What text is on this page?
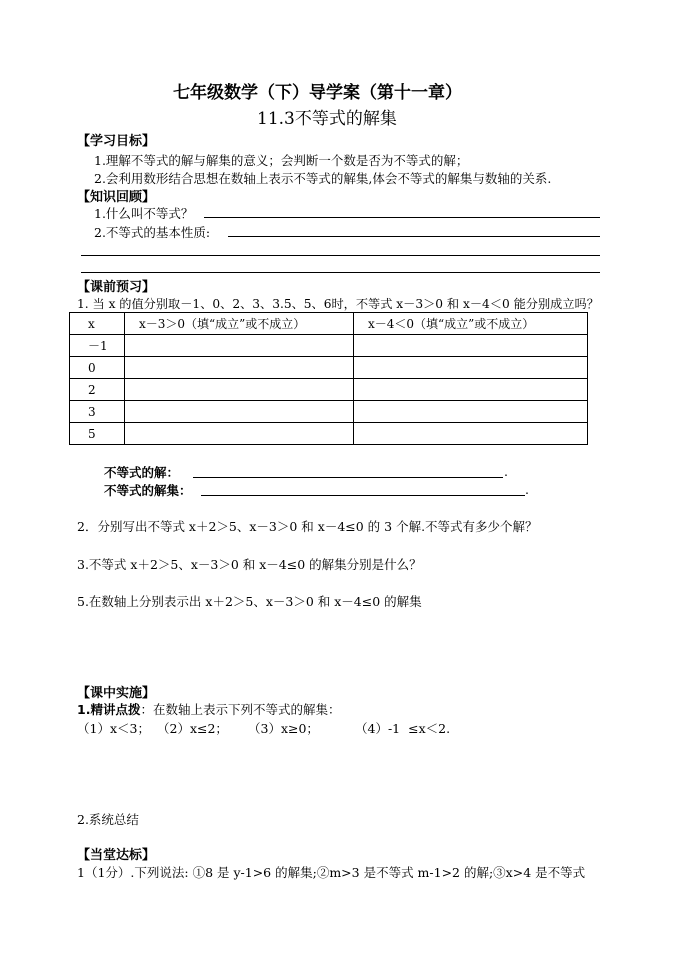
七年级数学（下）导学案（第十一章）
11.3不等式的解集
【学习目标】
1.理解不等式的解与解集的意义；会判断一个数是否为不等式的解；
2.会利用数形结合思想在数轴上表示不等式的解集,体会不等式的解集与数轴的关系.
【知识回顾】
1.什么叫不等式？
2.不等式的基本性质:
【课前预习】
1. 当 x 的值分别取－1、0、2、3、3.5、5、6时，不等式 x－3＞0 和 x－4＜0 能分别成立吗？
x	x－3＞0（填“成立”或不成立）	x－4＜0（填“成立”或不成立）
－1		
0		
2		
3		
5		
不等式的解：	.
不等式的解集：	.
2．分别写出不等式 x＋2＞5、x－3＞0 和 x－4≤0 的 3 个解.不等式有多少个解？
3.不等式 x＋2＞5、x－3＞0 和 x－4≤0 的解集分别是什么？
5.在数轴上分别表示出 x＋2＞5、x－3＞0 和 x－4≤0 的解集
【课中实施】
1.精讲点拨：在数轴上表示下列不等式的解集：
（1）x＜3； （2）x≤2； （3）x≥0；	（4）-1 ≤x＜2.
2.系统总结
【当堂达标】
1（1分）.下列说法: ①8 是 y-1>6 的解集;②m>3 是不等式 m-1>2 的解;③x>4 是不等式
